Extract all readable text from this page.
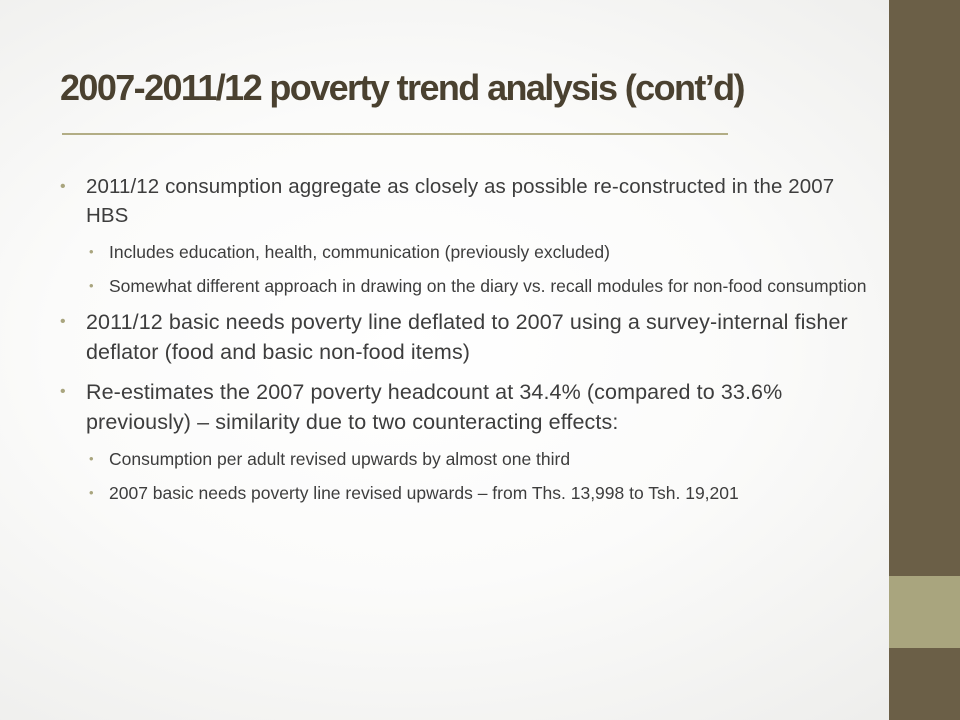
2007-2011/12 poverty trend analysis (cont’d)
• 2011/12 consumption aggregate as closely as possible re-constructed in the 2007 HBS
• Includes education, health, communication (previously excluded)
• Somewhat different approach in drawing on the diary vs. recall modules for non-food consumption
• 2011/12 basic needs poverty line deflated to 2007 using a survey-internal fisher deflator (food and basic non-food items)
• Re-estimates the 2007 poverty headcount at 34.4% (compared to 33.6% previously) – similarity due to two counteracting effects:
• Consumption per adult revised upwards by almost one third
• 2007 basic needs poverty line revised upwards – from Ths. 13,998 to Tsh. 19,201
